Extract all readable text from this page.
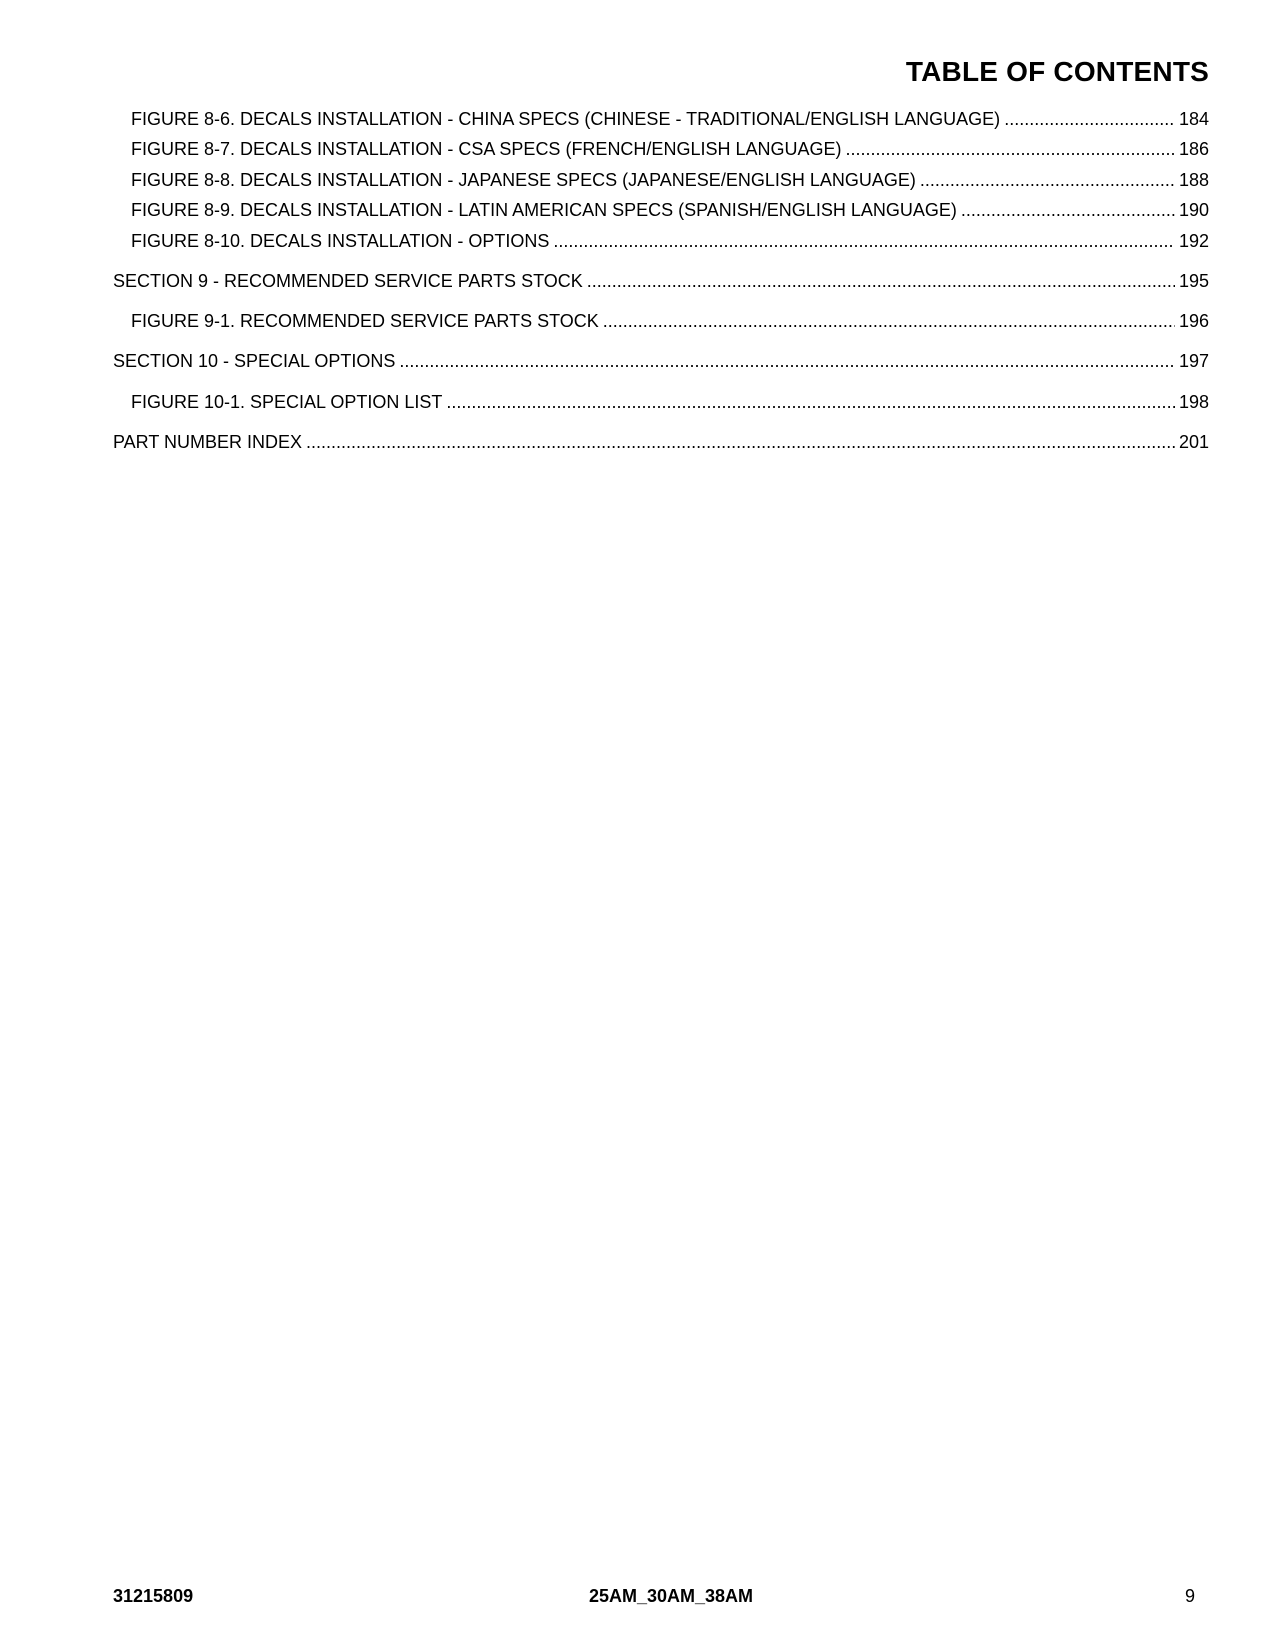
TABLE OF CONTENTS
FIGURE 8-6. DECALS INSTALLATION - CHINA SPECS (CHINESE - TRADITIONAL/ENGLISH LANGUAGE) .....	184
FIGURE 8-7. DECALS INSTALLATION - CSA SPECS (FRENCH/ENGLISH LANGUAGE) .....	186
FIGURE 8-8. DECALS INSTALLATION - JAPANESE SPECS (JAPANESE/ENGLISH LANGUAGE) .....	188
FIGURE 8-9. DECALS INSTALLATION - LATIN AMERICAN SPECS (SPANISH/ENGLISH LANGUAGE) .....	190
FIGURE 8-10. DECALS INSTALLATION - OPTIONS .....	192
SECTION 9 - RECOMMENDED SERVICE PARTS STOCK .....	195
FIGURE 9-1. RECOMMENDED SERVICE PARTS STOCK .....	196
SECTION 10 - SPECIAL OPTIONS .....	197
FIGURE 10-1. SPECIAL OPTION LIST .....	198
PART NUMBER INDEX .....	201
31215809	25AM_30AM_38AM	9
